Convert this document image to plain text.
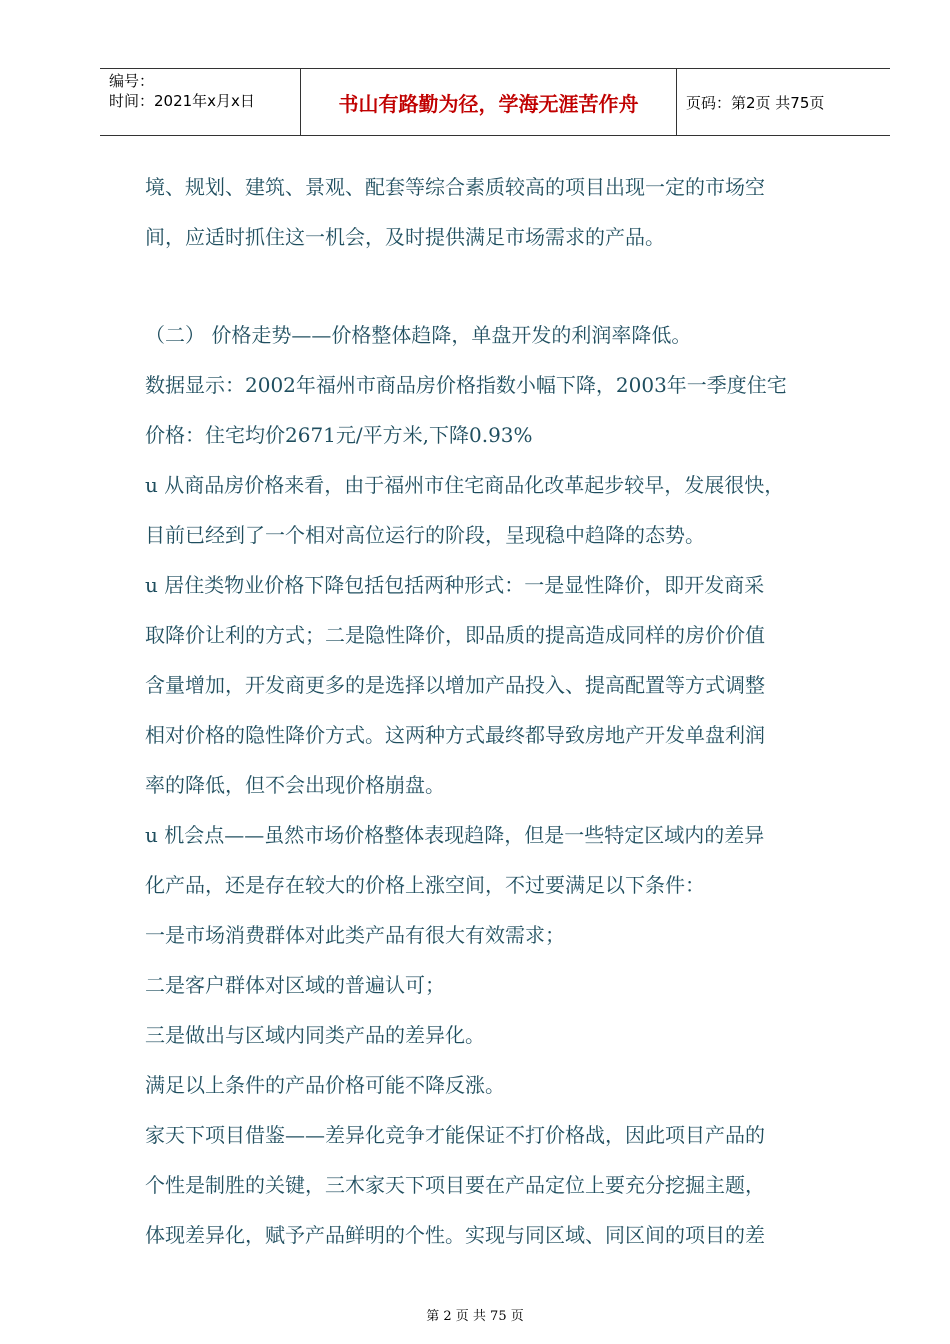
编号：
时间：2021年x月x日	书山有路勤为径，学海无涯苦作舟	页码：第2页 共75页

境、规划、建筑、景观、配套等综合素质较高的项目出现一定的市场空

间，应适时抓住这一机会，及时提供满足市场需求的产品。

（二） 价格走势——价格整体趋降，单盘开发的利润率降低。

数据显示：2002年福州市商品房价格指数小幅下降，2003年一季度住宅

价格：住宅均价2671元/平方米,下降0.93%

u 从商品房价格来看，由于福州市住宅商品化改革起步较早，发展很快，

目前已经到了一个相对高位运行的阶段，呈现稳中趋降的态势。

u 居住类物业价格下降包括包括两种形式：一是显性降价，即开发商采

取降价让利的方式；二是隐性降价，即品质的提高造成同样的房价价值

含量增加，开发商更多的是选择以增加产品投入、提高配置等方式调整

相对价格的隐性降价方式。这两种方式最终都导致房地产开发单盘利润

率的降低，但不会出现价格崩盘。

u 机会点——虽然市场价格整体表现趋降，但是一些特定区域内的差异

化产品，还是存在较大的价格上涨空间，不过要满足以下条件：

一是市场消费群体对此类产品有很大有效需求；

二是客户群体对区域的普遍认可；

三是做出与区域内同类产品的差异化。

满足以上条件的产品价格可能不降反涨。

家天下项目借鉴——差异化竞争才能保证不打价格战，因此项目产品的

个性是制胜的关键，三木家天下项目要在产品定位上要充分挖掘主题，

体现差异化，赋予产品鲜明的个性。实现与同区域、同区间的项目的差

第 2 页 共 75 页
